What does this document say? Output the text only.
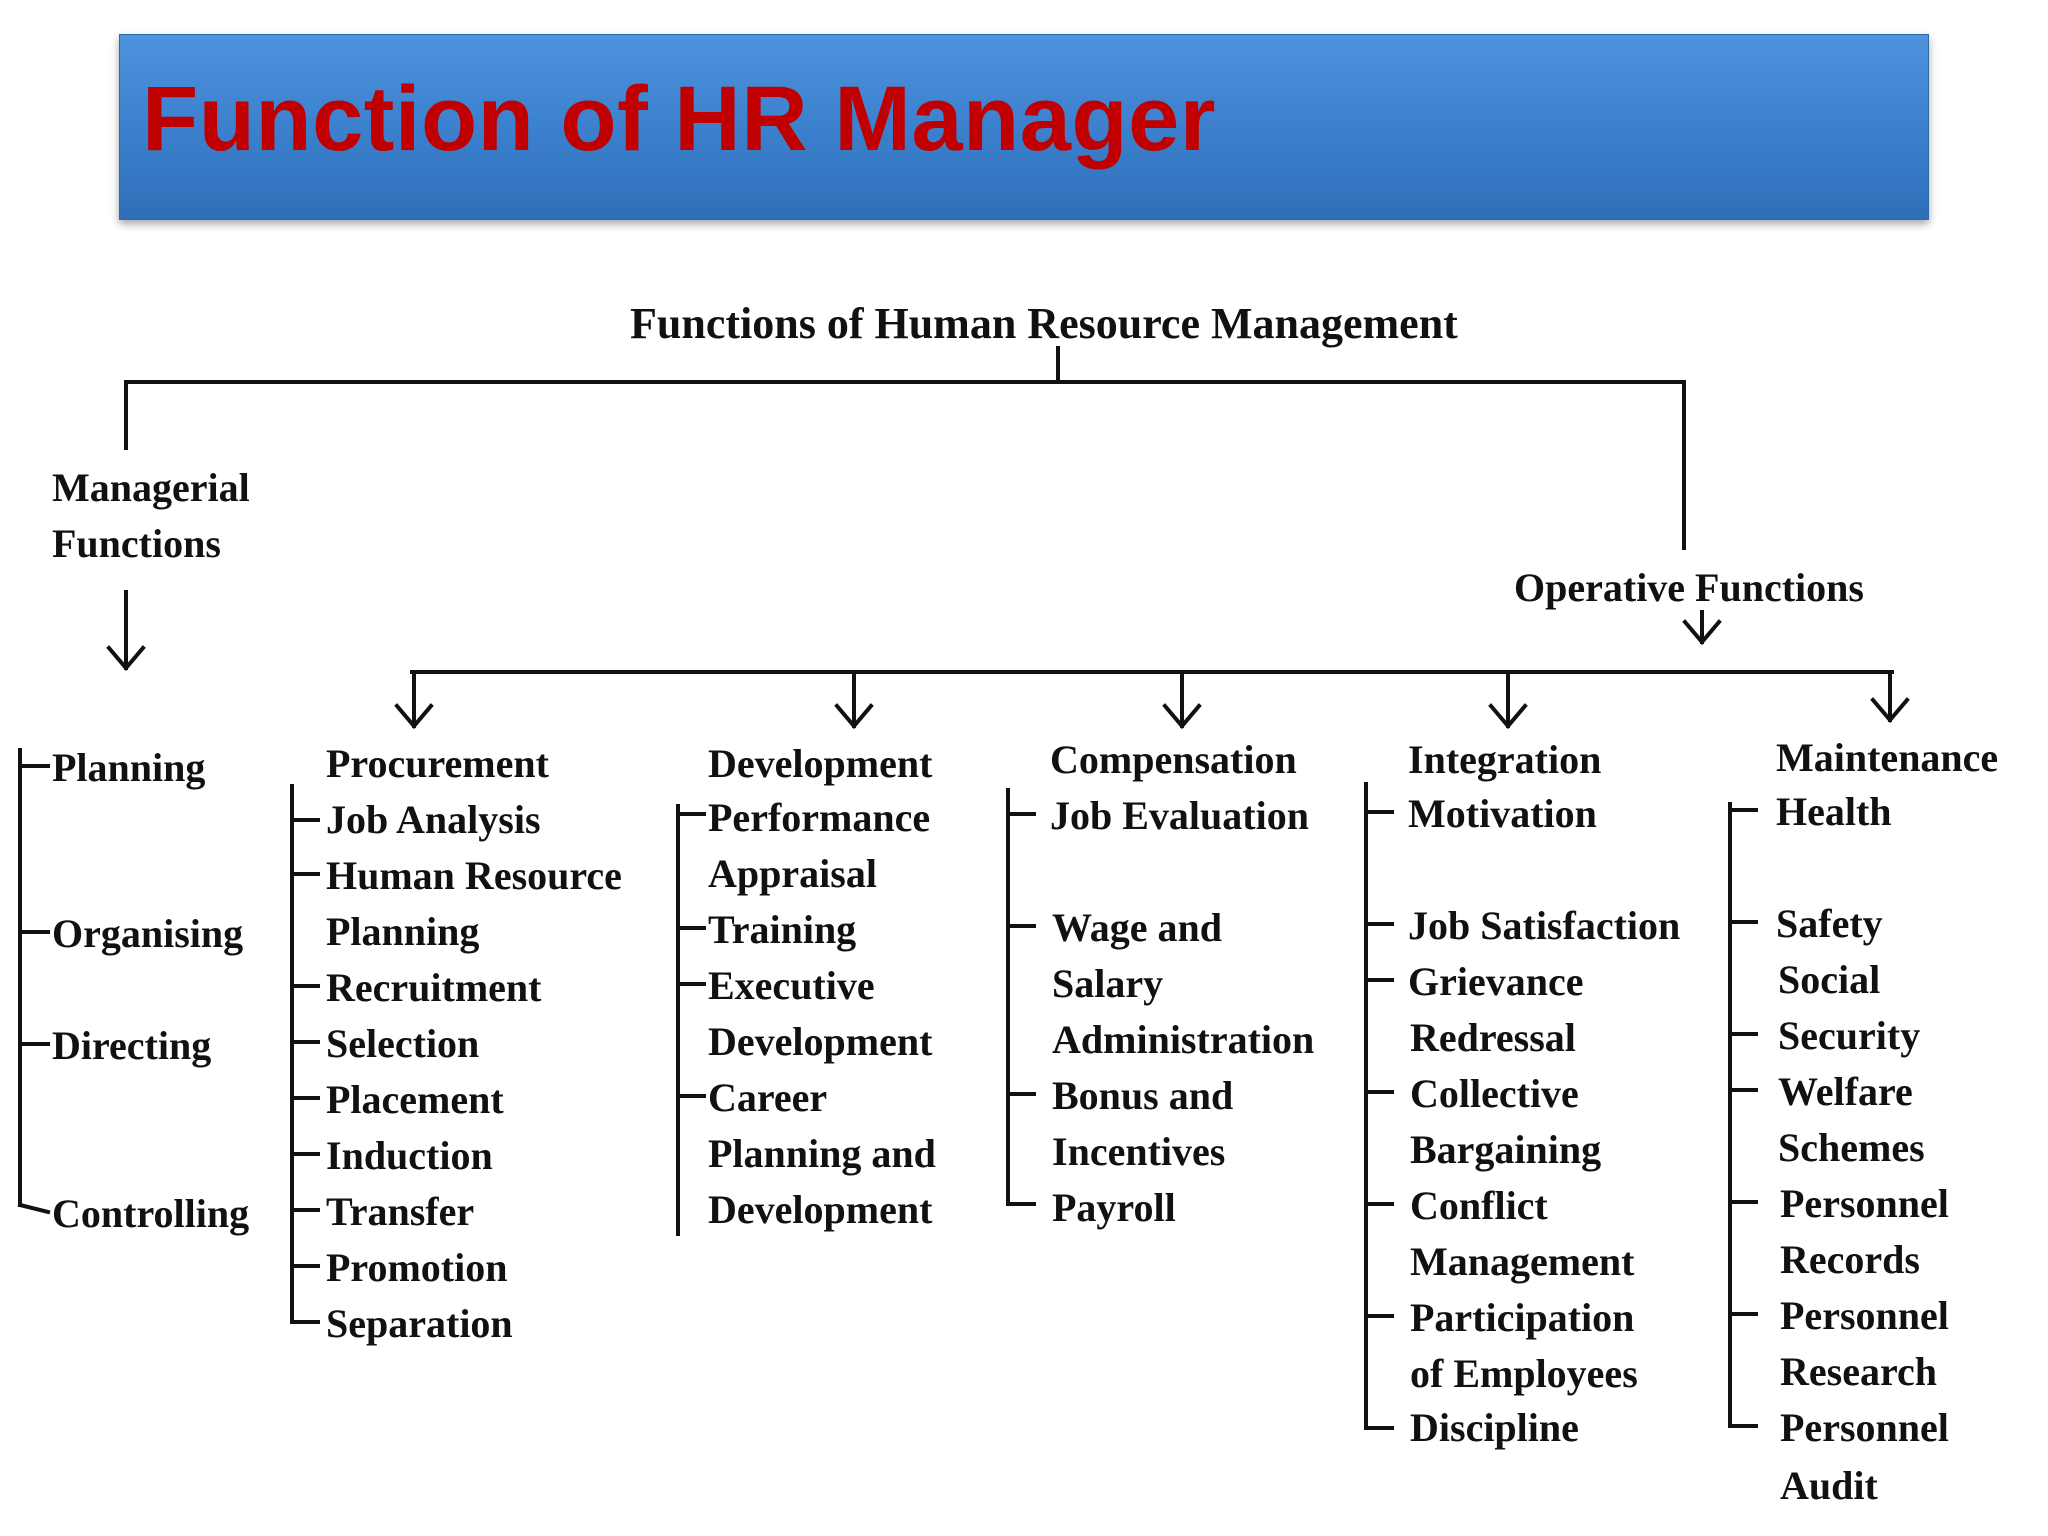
Function of HR Manager
Functions of Human Resource Management
Managerial
Functions
Planning
Organising
Directing
Controlling
Operative Functions
Procurement
Job Analysis
Human Resource
Planning
Recruitment
Selection
Placement
Induction
Transfer
Promotion
Separation
Development
Performance
Appraisal
Training
Executive
Development
Career
Planning and
Development
Compensation
Job Evaluation
Wage and
Salary
Administration
Bonus and
Incentives
Payroll
Integration
Motivation
Job Satisfaction
Grievance
Redressal
Collective
Bargaining
Conflict
Management
Participation
of Employees
Discipline
Maintenance
Health
Safety
Social
Security
Welfare
Schemes
Personnel
Records
Personnel
Research
Personnel
Audit
